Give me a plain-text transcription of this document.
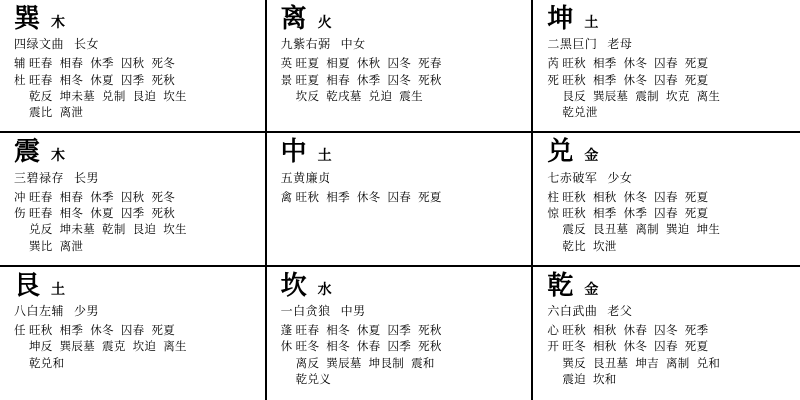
巽 木
四绿文曲 长女
辅 旺春 相春 休季 囚秋 死冬
杜 旺春 相冬 休夏 囚季 死秋
乾反 坤未墓 兑制 艮迫 坎生
震比 离泄
离 火
九紫右弼 中女
英 旺夏 相夏 休秋 囚冬 死春
景 旺夏 相春 休季 囚冬 死秋
坎反 乾戌墓 兑迫 震生
坤 土
二黑巨门 老母
芮 旺秋 相季 休冬 囚春 死夏
死 旺秋 相季 休冬 囚春 死夏
艮反 巽辰墓 震制 坎克 离生
乾兑泄
震 木
三碧禄存 长男
冲 旺春 相春 休季 囚秋 死冬
伤 旺春 相冬 休夏 囚季 死秋
兑反 坤未墓 乾制 艮迫 坎生
巽比 离泄
中 土
五黄廉贞
禽 旺秋 相季 休冬 囚春 死夏
兑 金
七赤破军 少女
柱 旺秋 相秋 休冬 囚春 死夏
惊 旺秋 相季 休季 囚春 死夏
震反 艮丑墓 离制 巽迫 坤生
乾比 坎泄
艮 土
八白左辅 少男
任 旺秋 相季 休冬 囚春 死夏
坤反 巽辰墓 震克 坎迫 离生
乾兑和
坎 水
一白贪狼 中男
蓬 旺春 相冬 休夏 囚季 死秋
休 旺冬 相冬 休春 囚季 死秋
离反 巽辰墓 坤艮制 震和
乾兑义
乾 金
六白武曲 老父
心 旺秋 相秋 休春 囚冬 死季
开 旺冬 相秋 休冬 囚春 死夏
巽反 艮丑墓 坤吉 离制 兑和
震迫 坎和
